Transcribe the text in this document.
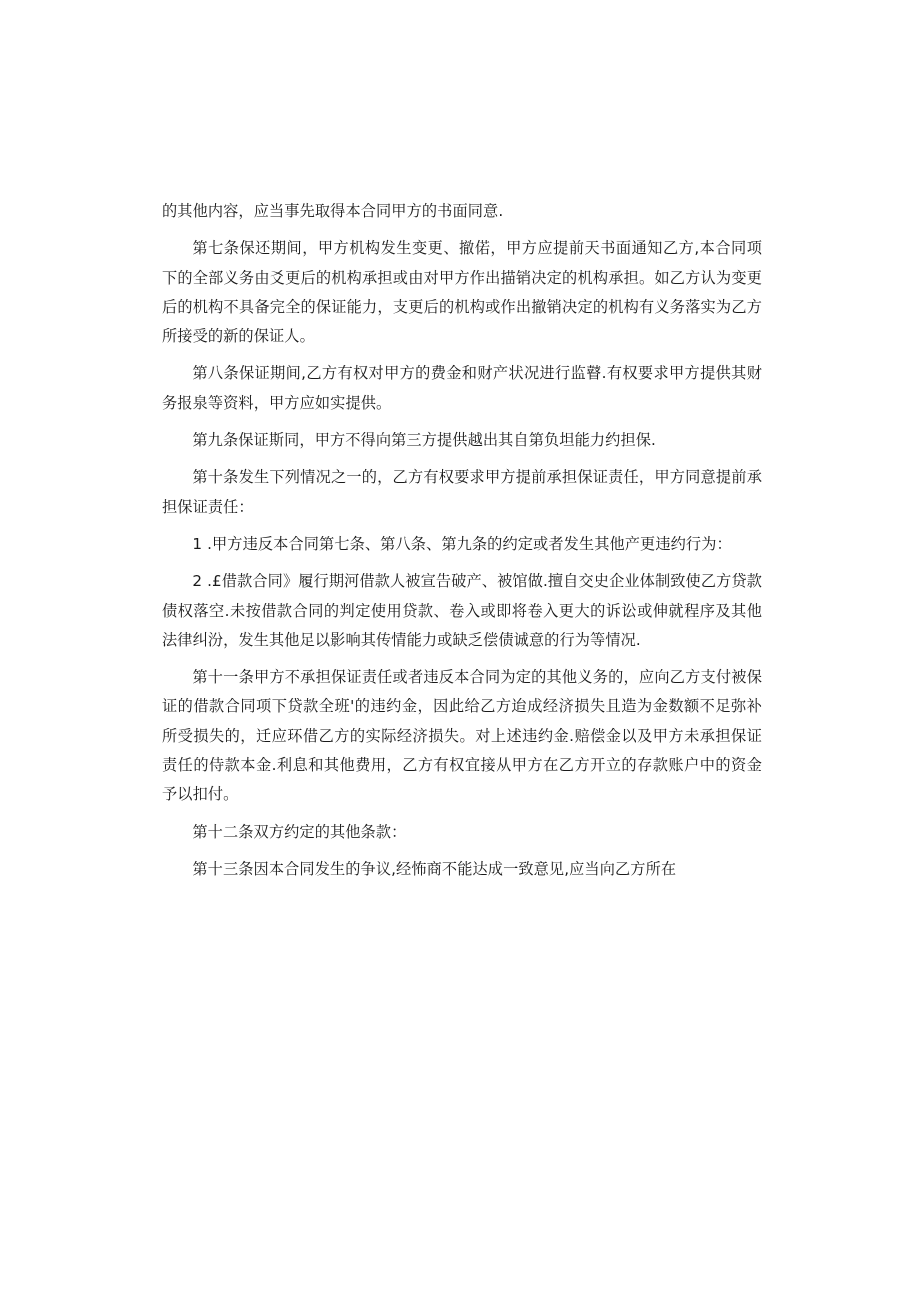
的其他内容，应当事先取得本合同甲方的书面同意.

第七条保还期间，甲方机构发生变更、撤偌，甲方应提前天书面通知乙方,本合同项下的全部义务由爻更后的机构承担或由对甲方作出描销决定的机构承担。如乙方认为变更后的机构不具备完全的保证能力，支更后的机构或作出撤销决定的机构有义务落实为乙方所接受的新的保证人。

第八条保证期间,乙方有权对甲方的费金和财产状况进行监瞽.有权要求甲方提供其财务报泉等资料，甲方应如实提供。

第九条保证斯同，甲方不得向第三方提供越出其自第负坦能力约担保.

第十条发生下列情况之一的，乙方有权要求甲方提前承担保证责任，甲方同意提前承担保证责任：

1 .甲方违反本合同第七条、第八条、第九条的约定或者发生其他产更违约行为：

2 .£借款合同》履行期河借款人被宣告破产、被馆做.擅自交史企业体制致使乙方贷款债权落空.未按借款合同的判定使用贷款、卷入或即将卷入更大的诉讼或伸就程序及其他法律纠汾，发生其他足以影响其传情能力或缺乏偿债诚意的行为等情况.

第十一条甲方不承担保证责任或者违反本合同为定的其他义务的，应向乙方支付被保证的借款合同项下贷款全班'的违约金，因此给乙方迨成经济损失且造为金数额不足弥补所受损失的，迁应环借乙方的实际经济损失。对上述违约金.赔偿金以及甲方未承担保证责任的侍款本金.利息和其他费用，乙方有权宜接从甲方在乙方开立的存款账户中的资金予以扣付。

第十二条双方约定的其他条款：

第十三条因本合同发生的争议,经怖商不能达成一致意见,应当向乙方所在
